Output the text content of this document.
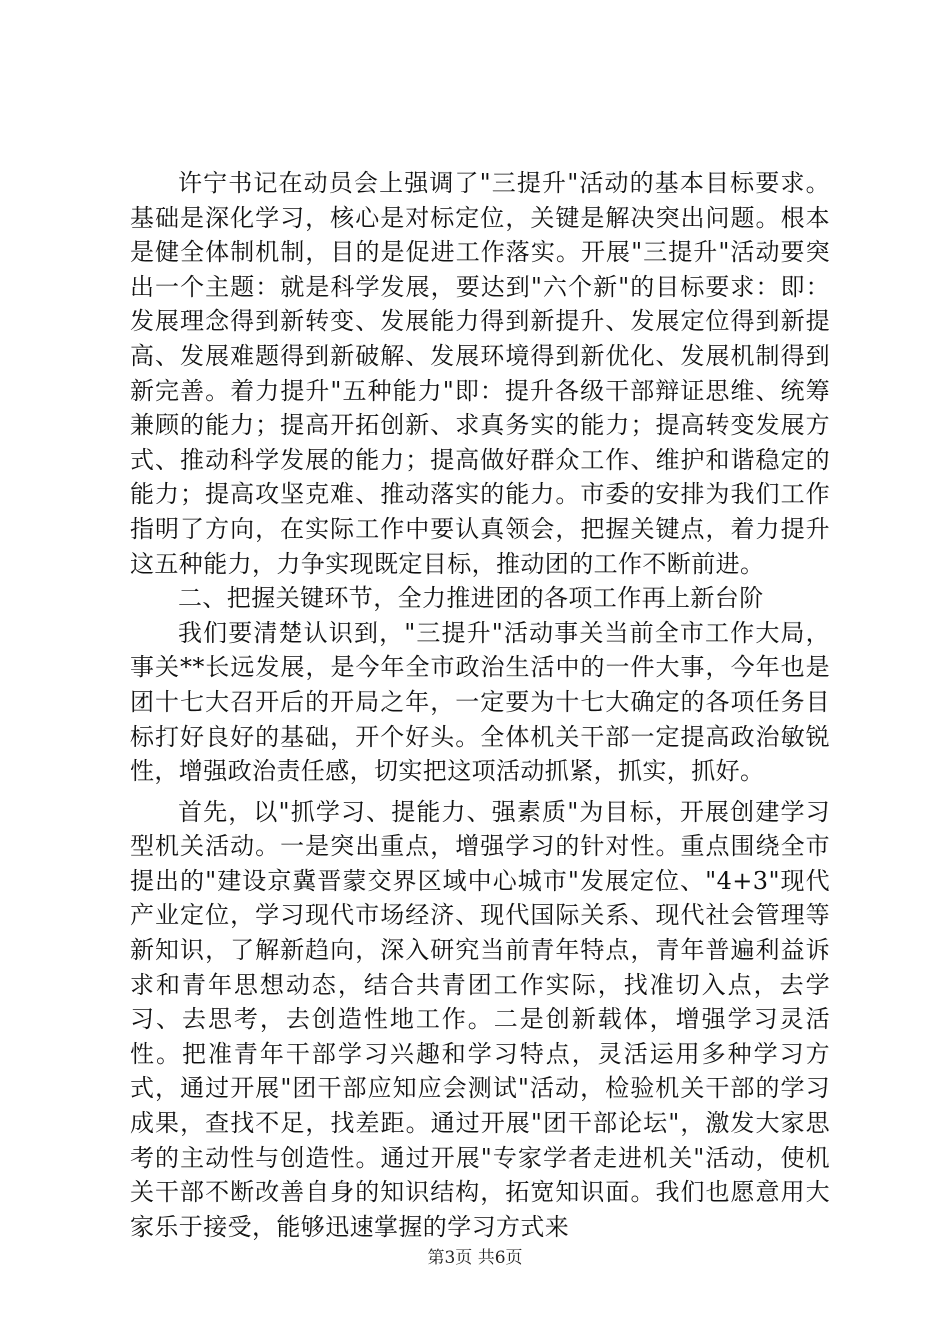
许宁书记在动员会上强调了"三提升"活动的基本目标要求。基础是深化学习，核心是对标定位，关键是解决突出问题。根本是健全体制机制，目的是促进工作落实。开展"三提升"活动要突出一个主题：就是科学发展，要达到"六个新"的目标要求：即：发展理念得到新转变、发展能力得到新提升、发展定位得到新提高、发展难题得到新破解、发展环境得到新优化、发展机制得到新完善。着力提升"五种能力"即：提升各级干部辩证思维、统筹兼顾的能力；提高开拓创新、求真务实的能力；提高转变发展方式、推动科学发展的能力；提高做好群众工作、维护和谐稳定的能力；提高攻坚克难、推动落实的能力。市委的安排为我们工作指明了方向，在实际工作中要认真领会，把握关键点，着力提升这五种能力，力争实现既定目标，推动团的工作不断前进。

二、把握关键环节，全力推进团的各项工作再上新台阶

我们要清楚认识到，"三提升"活动事关当前全市工作大局，事关**长远发展，是今年全市政治生活中的一件大事，今年也是团十七大召开后的开局之年，一定要为十七大确定的各项任务目标打好良好的基础，开个好头。全体机关干部一定提高政治敏锐性，增强政治责任感，切实把这项活动抓紧，抓实，抓好。

首先，以"抓学习、提能力、强素质"为目标，开展创建学习型机关活动。一是突出重点，增强学习的针对性。重点围绕全市提出的"建设京冀晋蒙交界区域中心城市"发展定位、"4+3"现代产业定位，学习现代市场经济、现代国际关系、现代社会管理等新知识，了解新趋向，深入研究当前青年特点，青年普遍利益诉求和青年思想动态，结合共青团工作实际，找准切入点，去学习、去思考，去创造性地工作。二是创新载体，增强学习灵活性。把准青年干部学习兴趣和学习特点，灵活运用多种学习方式，通过开展"团干部应知应会测试"活动，检验机关干部的学习成果，查找不足，找差距。通过开展"团干部论坛"，激发大家思考的主动性与创造性。通过开展"专家学者走进机关"活动，使机关干部不断改善自身的知识结构，拓宽知识面。我们也愿意用大家乐于接受，能够迅速掌握的学习方式来

第3页 共6页
